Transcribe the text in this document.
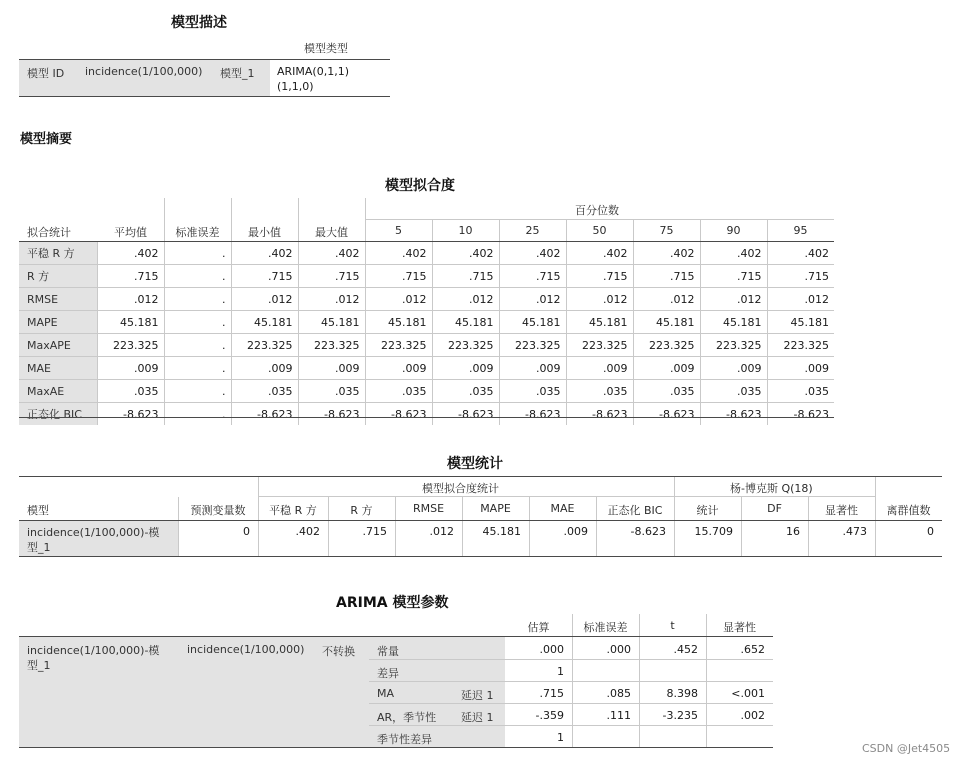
模型描述
模型类型
模型 ID incidence(1/100,000) 模型_1 ARIMA(0,1,1)
(1,1,0)
模型摘要
模型拟合度
百分位数
拟合统计	平均值	标准误差	最小值	最大值	5	10	25	50	75	90	95
平稳 R 方	.402	.	.402	.402	.402	.402	.402	.402	.402	.402	.402
R 方	.715	.	.715	.715	.715	.715	.715	.715	.715	.715	.715
RMSE	.012	.	.012	.012	.012	.012	.012	.012	.012	.012	.012
MAPE	45.181	.	45.181	45.181	45.181	45.181	45.181	45.181	45.181	45.181	45.181
MaxAPE	223.325	.	223.325	223.325	223.325	223.325	223.325	223.325	223.325	223.325	223.325
MAE	.009	.	.009	.009	.009	.009	.009	.009	.009	.009	.009
MaxAE	.035	.	.035	.035	.035	.035	.035	.035	.035	.035	.035
正态化 BIC	-8.623	.	-8.623	-8.623	-8.623	-8.623	-8.623	-8.623	-8.623	-8.623	-8.623
模型统计
模型拟合度统计	杨-博克斯 Q(18)
模型	预测变量数	平稳 R 方	R 方	RMSE	MAPE	MAE	正态化 BIC	统计	DF	显著性	离群值数
incidence(1/100,000)-模
型_1
0	.402	.715	.012	45.181	.009	-8.623	15.709	16	.473	0
ARIMA 模型参数
估算	标准误差	t	显著性
incidence(1/100,000)-模
型_1
incidence(1/100,000) 不转换 常量	.000	.000	.452	.652
差异	1
MA	延迟 1	.715	.085	8.398	<.001
AR，季节性 延迟 1	-.359	.111	-3.235	.002
季节性差异	1
CSDN @Jet4505
